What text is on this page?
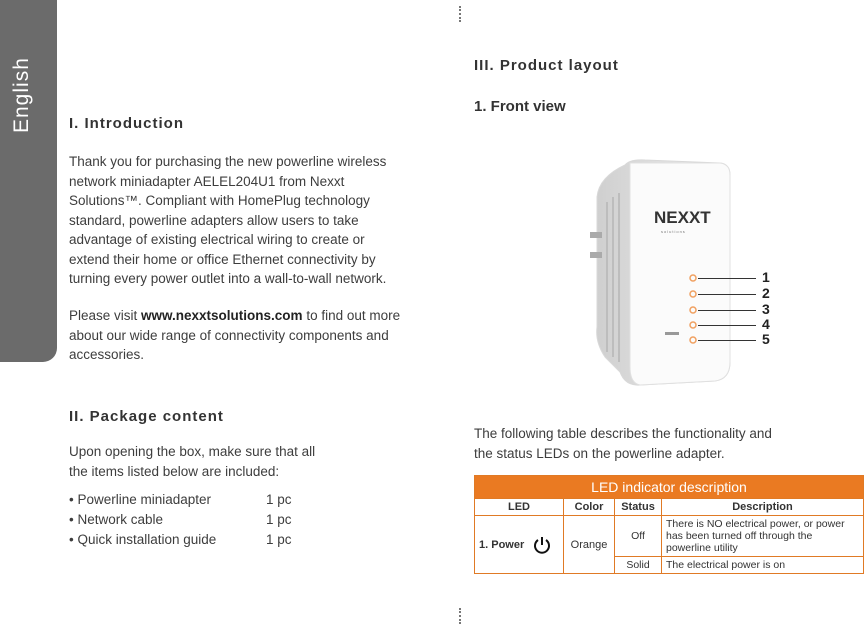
English I. Introduction
Thank you for purchasing the new powerline wireless
network miniadapter AELEL204U1 from Nexxt
Solutions™. Compliant with HomePlug technology
standard, powerline adapters allow users to take
advantage of existing electrical wiring to create or
extend their home or office Ethernet connectivity by
turning every power outlet into a wall-to-wall network.
Please visit www.nexxtsolutions.com to find out more
about our wide range of connectivity components and
accessories.
II. Package content
Upon opening the box, make sure that all
the items listed below are included:
• Powerline miniadapter	1 pc
• Network cable	1 pc
• Quick installation guide	1 pc
III. Product layout
1. Front view
NEXXT
solutions
1
2
3
4
5
The following table describes the functionality and
the status LEDs on the powerline adapter.
LED indicator description			
LED	Color	Status	Description
1. Power	Orange	Off	There is NO electrical power, or power has been turned off through the powerline utility
		Solid	The electrical power is on
